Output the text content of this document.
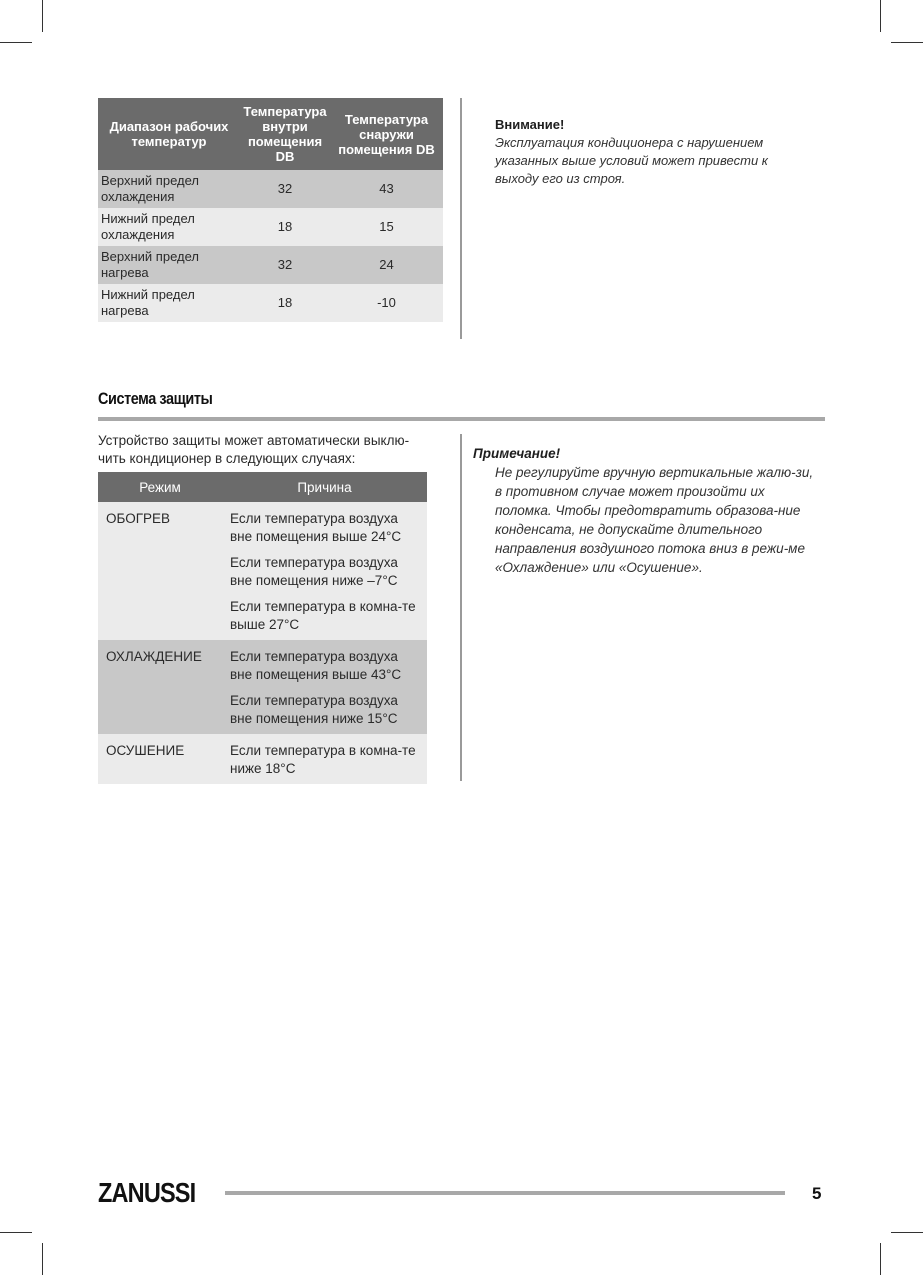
Диапазон рабочих температур	Температура внутри помещения DB	Температура снаружи помещения DB
Верхний предел охлаждения	32	43
Нижний предел охлаждения	18	15
Верхний предел нагрева	32	24
Нижний предел нагрева	18	-10
Внимание!
Эксплуатация кондиционера с нарушением указанных выше условий может привести к выходу его из строя.
Система защиты
Устройство защиты может автоматически выклю-чить кондиционер в следующих случаях:
Режим	Причина
ОБОГРЕВ	Если температура воздуха вне помещения выше 24°C
	Если температура воздуха вне помещения ниже –7°C
	Если температура в комна-те выше 27°C
ОХЛАЖДЕНИЕ	Если температура воздуха вне помещения выше 43°C
	Если температура воздуха вне помещения ниже 15°C
ОСУШЕНИЕ	Если температура в комна-те ниже 18°C
Примечание!
Не регулируйте вручную вертикальные жалю-зи, в противном случае может произойти их поломка. Чтобы предотвратить образова-ние конденсата, не допускайте длительного направления воздушного потока вниз в режи-ме «Охлаждение» или «Осушение».
ZANUSSI	5
